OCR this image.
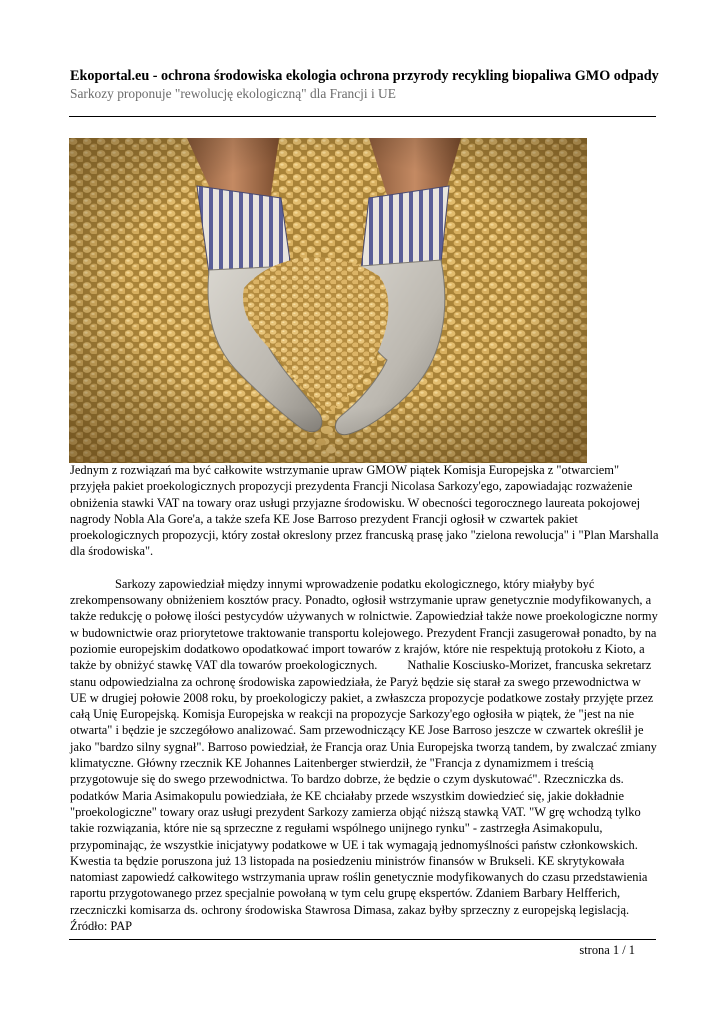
Ekoportal.eu - ochrona środowiska ekologia ochrona przyrody recykling biopaliwa GMO odpady
Sarkozy proponuje "rewolucję ekologiczną" dla Francji i UE

Jednym z rozwiązań ma być całkowite wstrzymanie upraw GMOW piątek Komisja Europejska z "otwarciem" przyjęła pakiet proekologicznych propozycji prezydenta Francji Nicolasa Sarkozy'ego, zapowiadając rozważenie obniżenia stawki VAT na towary oraz usługi przyjazne środowisku. W obecności tegorocznego laureata pokojowej nagrody Nobla Ala Gore'a, a także szefa KE Jose Barroso prezydent Francji ogłosił w czwartek pakiet proekologicznych propozycji, który został okreslony przez francuską prasę jako "zielona rewolucja" i "Plan Marshalla dla środowiska".

Sarkozy zapowiedział między innymi wprowadzenie podatku ekologicznego, który miałyby być zrekompensowany obniżeniem kosztów pracy. Ponadto, ogłosił wstrzymanie upraw genetycznie modyfikowanych, a także redukcję o połowę ilości pestycydów używanych w rolnictwie. Zapowiedział także nowe proekologiczne normy w budownictwie oraz priorytetowe traktowanie transportu kolejowego. Prezydent Francji zasugerował ponadto, by na poziomie europejskim dodatkowo opodatkować import towarów z krajów, które nie respektują protokołu z Kioto, a także by obniżyć stawkę VAT dla towarów proekologicznych. Nathalie Kosciusko-Morizet, francuska sekretarz stanu odpowiedzialna za ochronę środowiska zapowiedziała, że Paryż będzie się starał za swego przewodnictwa w UE w drugiej połowie 2008 roku, by proekologiczy pakiet, a zwłaszcza propozycje podatkowe zostały przyjęte przez całą Unię Europejską. Komisja Europejska w reakcji na propozycje Sarkozy'ego ogłosiła w piątek, że "jest na nie otwarta" i będzie je szczegółowo analizować. Sam przewodniczący KE Jose Barroso jeszcze w czwartek określił je jako "bardzo silny sygnał". Barroso powiedział, że Francja oraz Unia Europejska tworzą tandem, by zwalczać zmiany klimatyczne. Główny rzecznik KE Johannes Laitenberger stwierdził, że "Francja z dynamizmem i treścią przygotowuje się do swego przewodnictwa. To bardzo dobrze, że będzie o czym dyskutować". Rzeczniczka ds. podatków Maria Asimakopulu powiedziała, że KE chciałaby przede wszystkim dowiedzieć się, jakie dokładnie "proekologiczne" towary oraz usługi prezydent Sarkozy zamierza objąć niższą stawką VAT. "W grę wchodzą tylko takie rozwiązania, które nie są sprzeczne z regułami wspólnego unijnego rynku" - zastrzegła Asimakopulu, przypominając, że wszystkie inicjatywy podatkowe w UE i tak wymagają jednomyślności państw członkowskich. Kwestia ta będzie poruszona już 13 listopada na posiedzeniu ministrów finansów w Brukseli. KE skrytykowała natomiast zapowiedź całkowitego wstrzymania upraw roślin genetycznie modyfikowanych do czasu przedstawienia raportu przygotowanego przez specjalnie powołaną w tym celu grupę ekspertów. Zdaniem Barbary Helfferich, rzeczniczki komisarza ds. ochrony środowiska Stawrosa Dimasa, zakaz byłby sprzeczny z europejską legislacją.Źródło: PAP

strona 1 / 1
